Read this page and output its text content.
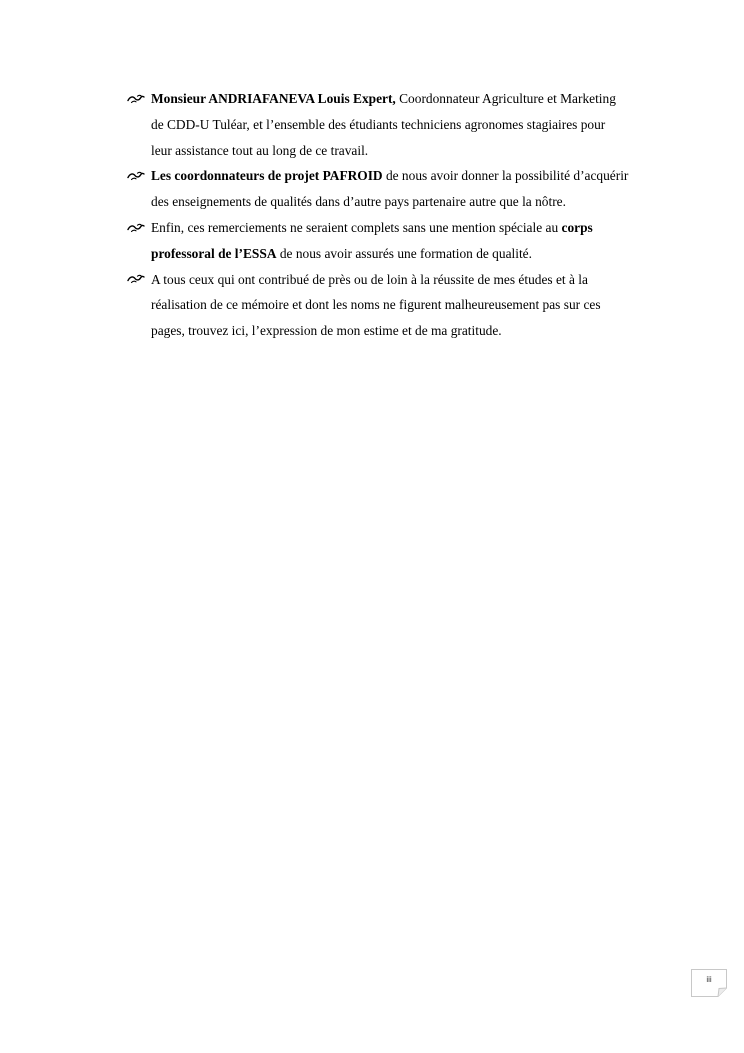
Monsieur ANDRIAFANEVA Louis Expert, Coordonnateur Agriculture et Marketing
de CDD-U Tuléar, et l’ensemble des étudiants techniciens agronomes stagiaires pour
leur assistance tout au long de ce travail.
Les coordonnateurs de projet PAFROID de nous avoir donner la possibilité d’acquérir
des enseignements de qualités dans d’autre pays partenaire autre que la nôtre.
Enfin, ces remerciements ne seraient complets sans une mention spéciale au corps
professoral de l’ESSA de nous avoir assurés une formation de qualité.
A tous ceux qui ont contribué de près ou de loin à la réussite de mes études et à la
réalisation de ce mémoire et dont les noms ne figurent malheureusement pas sur ces
pages, trouvez ici, l’expression de mon estime et de ma gratitude.
iii
